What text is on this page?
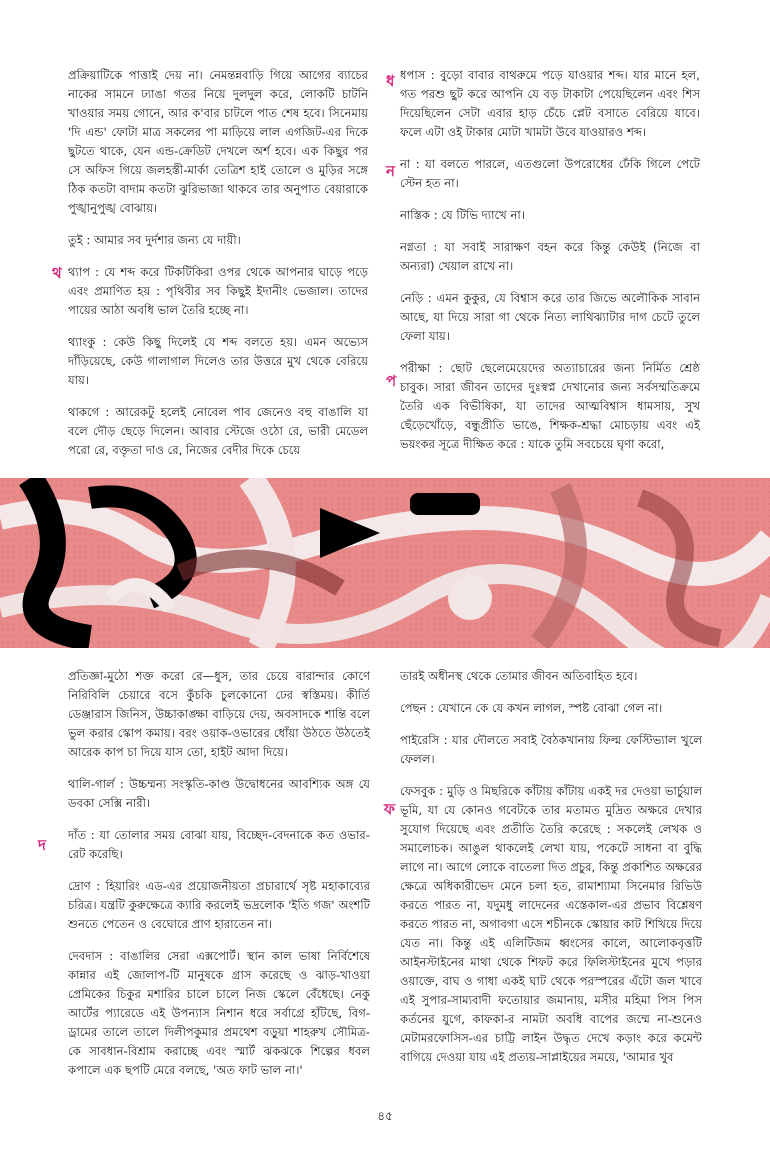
প্রক্রিয়াটিকে পাত্তাই দেয় না। নেমন্তন্নবাড়ি গিয়ে আগের ব্যাচের নাকের সামনে ঢ্যাঙা গতর নিয়ে দুলদুল করে, লোকটি চাটনি খাওয়ার সময় গোনে, আর ক'বার চাটলে পাত শেষ হবে। সিনেমায় 'দি এন্ড' ফোটা মাত্র সকলের পা মাড়িয়ে লাল এগজিট-এর দিকে ছুটতে থাকে, যেন এন্ড-ক্রেডিট দেখলে অর্শ হবে। এক কিছুর পর সে অফিস গিয়ে জলহস্তী-মার্কা তেত্রিশ হাই তোলে ও মুড়ির সঙ্গে ঠিক কতটা বাদাম কতটা ঝুরিভাজা থাকবে তার অনুপাত বেয়ারাকে পুঙ্খানুপুঙ্খ বোঝায়।

তুই : আমার সব দুর্দশার জন্য যে দায়ী।

থ্যাপ : যে শব্দ করে টিকটিকিরা ওপর থেকে আপনার ঘাড়ে পড়ে এবং প্রমাণিত হয় : পৃথিবীর সব কিছুই ইদানীং ভেজাল। তাদের পায়ের আঠা অবধি ভাল তৈরি হচ্ছে না।

থ্যাংকু : কেউ কিছু দিলেই যে শব্দ বলতে হয়। এমন অভ্যেস দাঁড়িয়েছে, কেউ গালাগাল দিলেও তার উত্তরে মুখ থেকে বেরিয়ে যায়।

থাকগে : আরেকটু হলেই নোবেল পাব জেনেও বহু বাঙালি যা বলে দৌড় ছেড়ে দিলেন। আবার স্টেজে ওঠো রে, ভারী মেডেল পরো রে, বক্তৃতা দাও রে, নিজের বেদীর দিকে চেয়ে

ধপাস : বুড়ো বাবার বাথরুমে পড়ে যাওয়ার শব্দ। যার মানে হল, গত পরশু ছুট করে আপনি যে বড় টাকাটা পেয়েছিলেন এবং শিস দিয়েছিলেন সেটা এবার হাড় চেঁচে প্লেট বসাতে বেরিয়ে যাবে। ফলে এটা ওই টাকার মোটা খামটা উবে যাওয়ারও শব্দ।

না : যা বলতে পারলে, এতগুলো উপরোধের ঢেঁকি গিলে পেটে স্টেন হত না।

নাস্তিক : যে টিভি দ্যাখে না।

নগ্নতা : যা সবাই সারাক্ষণ বহন করে কিন্তু কেউই (নিজে বা অন্যরা) খেয়াল রাখে না।

নেড়ি : এমন কুকুর, যে বিশ্বাস করে তার জিভে অলৌকিক সাবান আছে, যা দিয়ে সারা গা থেকে নিত্য লাথিঝ্যাটার দাগ চেটে তুলে ফেলা যায়।

পরীক্ষা : ছোট ছেলেমেয়েদের অত্যাচারের জন্য নির্মিত শ্রেষ্ঠ চাবুক। সারা জীবন তাদের দুঃস্বপ্ন দেখানোর জন্য সর্বসম্মতিক্রমে তৈরি এক বিভীষিকা, যা তাদের আত্মবিশ্বাস ধামসায়, সুখ ছেঁড়েখোঁড়ে, বন্ধুপ্রীতি ভাঙে, শিক্ষক-শ্রদ্ধা মোচড়ায় এবং এই ভয়ংকর সূত্রে দীক্ষিত করে : যাকে তুমি সবচেয়ে ঘৃণা করো,

ধ
ন
থ
প
দ
ফ

প্রতিজ্ঞা-মুঠো শক্ত করো রে—ধুস, তার চেয়ে বারান্দার কোণে নিরিবিলি চেয়ারে বসে কুঁচকি চুলকোনো ঢের স্বস্তিময়। কীর্তি ডেঞ্জারাস জিনিস, উচ্চাকাঙ্ক্ষা বাড়িয়ে দেয়, অবসাদকে শান্তি বলে ভুল করার স্কোপ কমায়। বরং ওয়াক-ওভারের ধোঁয়া উঠতে উঠতেই আরেক কাপ চা দিয়ে যাস তো, হাইট আদা দিয়ে।

থালি-গার্ল : উচ্চম্মন্য সংস্কৃতি-কাণ্ড উদ্বোধনের আবশ্যিক অঙ্গ যে ডবকা সেক্সি নারী।

দাঁত : যা তোলার সময় বোঝা যায়, বিচ্ছেদ-বেদনাকে কত ওভার-রেট করেছি।

দ্রোণ : হিয়ারিং এড-এর প্রয়োজনীয়তা প্রচারার্থে সৃষ্ট মহাকাব্যের চরিত্র। যন্ত্রটি কুরুক্ষেত্রে ক্যারি করলেই ভদ্রলোক 'ইতি গজ' অংশটি শুনতে পেতেন ও বেঘোরে প্রাণ হারাতেন না।

দেবদাস : বাঙালির সেরা এক্সপোর্ট। স্থান কাল ভাষা নির্বিশেষে কান্নার এই জোলাপ-টি মানুষকে গ্রাস করেছে ও ঝাড়-খাওয়া প্রেমিকের চিকুর মশারির চালে চালে নিজ স্কেলে বেঁধেছে। নেকু আর্টের প্যারেডে এই উপন্যাস নিশান ধরে সর্বাগ্রে হাঁটছে, বিগ-ড্রামের তালে তালে দিলীপকুমার প্রমথেশ বড়ুয়া শাহরুখ সৌমিত্র-কে সাবধান-বিশ্রাম করাচ্ছে এবং স্মার্ট ঝকঝকে শিল্পের ধবল কপালে এক ছপটি মেরে বলছে, 'অত ফাট ভাল না।'

তারই অধীনস্থ থেকে তোমার জীবন অতিবাহিত হবে।

পেছন : যেখানে কে যে কখন লাগল, স্পষ্ট বোঝা গেল না।

পাইরেসি : যার দৌলতে সবাই বৈঠকখানায় ফিল্ম ফেস্টিভ্যাল খুলে ফেলল।

ফেসবুক : মুড়ি ও মিছরিকে কাঁটায় কাঁটায় একই দর দেওয়া ভার্চুয়াল ভূমি, যা যে কোনও গবেটকে তার মতামত মুদ্রিত অক্ষরে দেখার সুযোগ দিয়েছে এবং প্রতীতি তৈরি করেছে : সকলেই লেখক ও সমালোচক। আঙুল থাকলেই লেখা যায়, পকেটে সাধনা বা বুদ্ধি লাগে না। আগে লোকে বাতেলা দিত প্রচুর, কিন্তু প্রকাশিত অক্ষরের ক্ষেত্রে অধিকারীভেদ মেনে চলা হত, রামাশ্যামা সিনেমার রিভিউ করতে পারত না, যদুমধু লাদেনের এস্তেকাল-এর প্রভাব বিশ্লেষণ করতে পারত না, অগাবগা এসে শচীনকে স্কোয়ার কাট শিখিয়ে দিয়ে যেত না। কিন্তু এই এলিটিজম ধ্বংসের কালে, আলোকবৃত্তটি আইনস্টাইনের মাথা থেকে শিফট করে ফিলিস্টাইনের মুখে পড়ার ওয়াক্তে, বাঘ ও গাধা একই ঘাট থেকে পরস্পরের এঁটো জল খাবে এই সুপার-সাম্যবাদী ফতোয়ার জমানায়, মসীর মহিমা পিস পিস কর্তনের যুগে, কাফকা-র নামটা অবধি বাপের জম্মে না-শুনেও মেটামরফোসিস-এর চাট্টি লাইন উদ্ধৃত দেখে কড়াং করে কমেন্ট বাগিয়ে দেওয়া যায় এই প্রত্যয়-সাপ্লাইয়ের সময়ে, 'আমার খুব

৪৫
